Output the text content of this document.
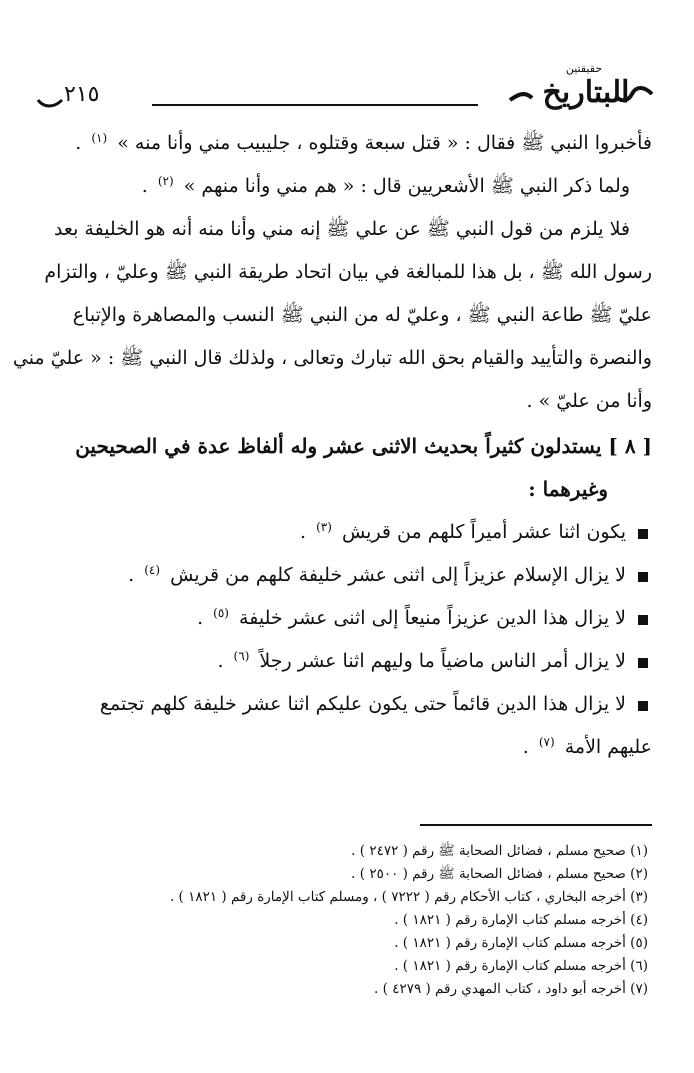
البتاريخ
حقيقتين
٢١٥
فأخبروا النبي ﷺ فقال : « قتل سبعة وقتلوه ، جليبيب مني وأنا منه » $^{(١)}$ .
ولما ذكر النبي ﷺ الأشعريين قال : « هم مني وأنا منهم » $^{(٢)}$ .
فلا يلزم من قول النبي ﷺ عن علي ﷺ إنه مني وأنا منه أنه هو الخليفة بعد
رسول الله ﷺ ، بل هذا للمبالغة في بيان اتحاد طريقة النبي ﷺ وعليّ ، والتزام
عليّ ﷺ طاعة النبي ﷺ ، وعليّ له من النبي ﷺ النسب والمصاهرة والإتباع
والنصرة والتأييد والقيام بحق الله تبارك وتعالى ، ولذلك قال النبي ﷺ : « عليّ مني
وأنا من عليّ » .
[ ٨ ] يستدلون كثيراً بحديث الاثنى عشر وله ألفاظ عدة في الصحيحين
وغيرهما :
يكون اثنا عشر أميراً كلهم من قريش $^{(٣)}$ .
لا يزال الإسلام عزيزاً إلى اثنى عشر خليفة كلهم من قريش $^{(٤)}$ .
لا يزال هذا الدين عزيزاً منيعاً إلى اثنى عشر خليفة $^{(٥)}$ .
لا يزال أمر الناس ماضياً ما وليهم اثنا عشر رجلاً $^{(٦)}$ .
لا يزال هذا الدين قائماً حتى يكون عليكم اثنا عشر خليفة كلهم تجتمع
عليهم الأمة $^{(٧)}$ .
(١) صحيح مسلم ، فضائل الصحابة ﷺ رقم ( ٢٤٧٢ ) .
(٢) صحيح مسلم ، فضائل الصحابة ﷺ رقم ( ٢٥٠٠ ) .
(٣) أخرجه البخاري ، كتاب الأحكام رقم ( ٧٢٢٢ ) ، ومسلم كتاب الإمارة رقم ( ١٨٢١ ) .
(٤) أخرجه مسلم كتاب الإمارة رقم ( ١٨٢١ ) .
(٥) أخرجه مسلم كتاب الإمارة رقم ( ١٨٢١ ) .
(٦) أخرجه مسلم كتاب الإمارة رقم ( ١٨٢١ ) .
(٧) أخرجه أبو داود ، كتاب المهدي رقم ( ٤٢٧٩ ) .
